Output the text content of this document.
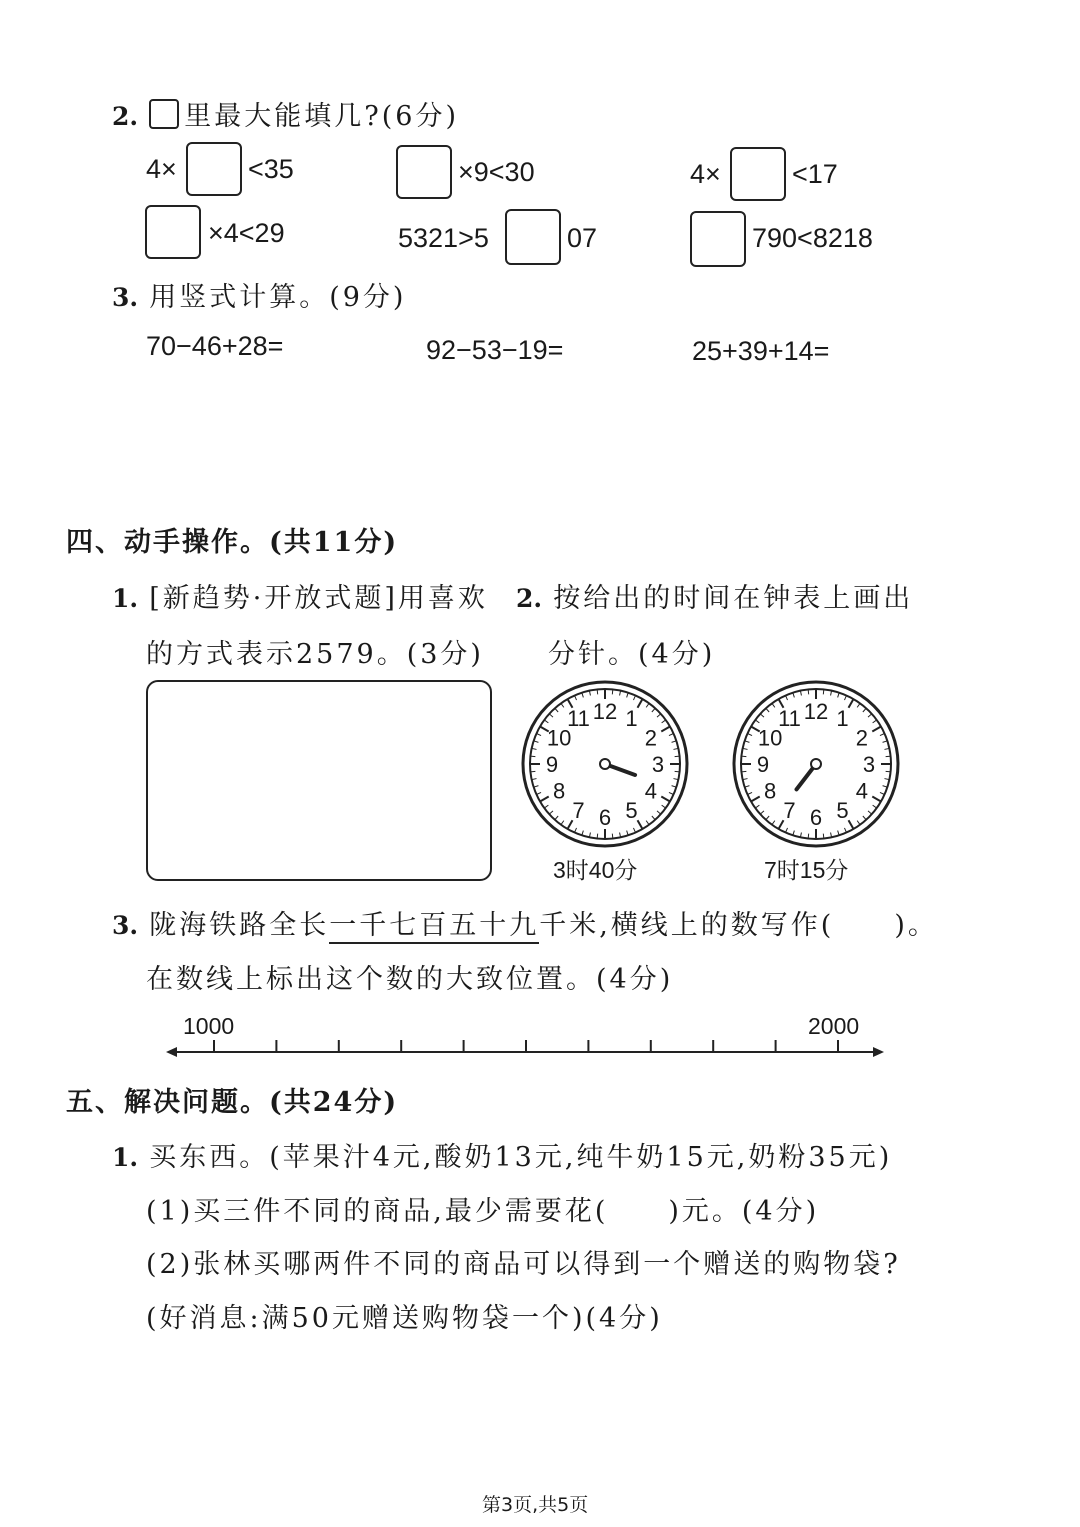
2. 里最大能填几?(6分)
4×	<35	×9<30	4×	<17
×4<29	5321>5	07	790<8218
3. 用竖式计算。(9分)
70−46+28=	92−53−19=	25+39+14=
四、动手操作。(共11分)
1. [新趋势·开放式题]用喜欢
的方式表示2579。(3分)
2. 按给出的时间在钟表上画出
分针。(4分)
12 1
2
3
4
5
6
7
8
9
10
11
3时40分
12 1
2
3
4
5
6
7
8
9
10
11
7时15分
3. 陇海铁路全长一千七百五十九千米,横线上的数写作(　　)。
在数线上标出这个数的大致位置。(4分)
1000	2000
五、解决问题。(共24分)
1. 买东西。(苹果汁4元,酸奶13元,纯牛奶15元,奶粉35元)
(1)买三件不同的商品,最少需要花(　　)元。(4分)
(2)张林买哪两件不同的商品可以得到一个赠送的购物袋?
(好消息:满50元赠送购物袋一个)(4分)
第3页,共5页
